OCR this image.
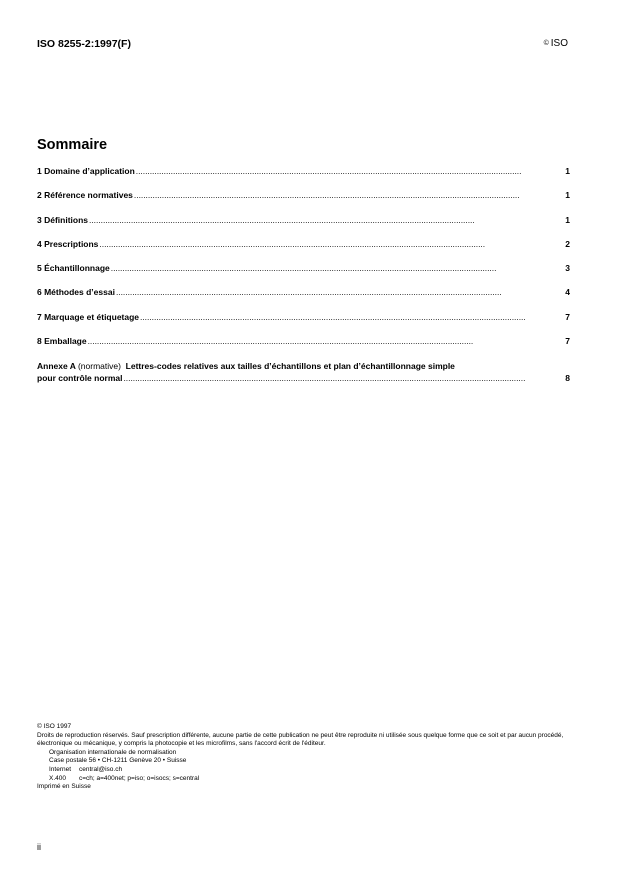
ISO 8255-2:1997(F)	© ISO
Sommaire
1 Domaine d’application . . .	1
2 Référence normatives . . .	1
3 Définitions . . .	1
4 Prescriptions . . .	2
5 Échantillonnage . . .	3
6 Méthodes d’essai . . .	4
7 Marquage et étiquetage . . .	7
8 Emballage . . .	7
Annexe A (normative) Lettres-codes relatives aux tailles d’échantillons et plan d’échantillonnage simple
pour contrôle normal . . .	8
© ISO 1997
Droits de reproduction réservés. Sauf prescription différente, aucune partie de cette publication ne peut être reproduite ni utilisée sous quelque forme que ce soit et par aucun procédé, électronique ou mécanique, y compris la photocopie et les microfilms, sans l'accord écrit de l'éditeur.
Organisation internationale de normalisation
Case postale 56 • CH-1211 Genève 20 • Suisse
Internet	central@iso.ch
X.400	c=ch; a=400net; p=iso; o=isocs; s=central
Imprimé en Suisse
ii
